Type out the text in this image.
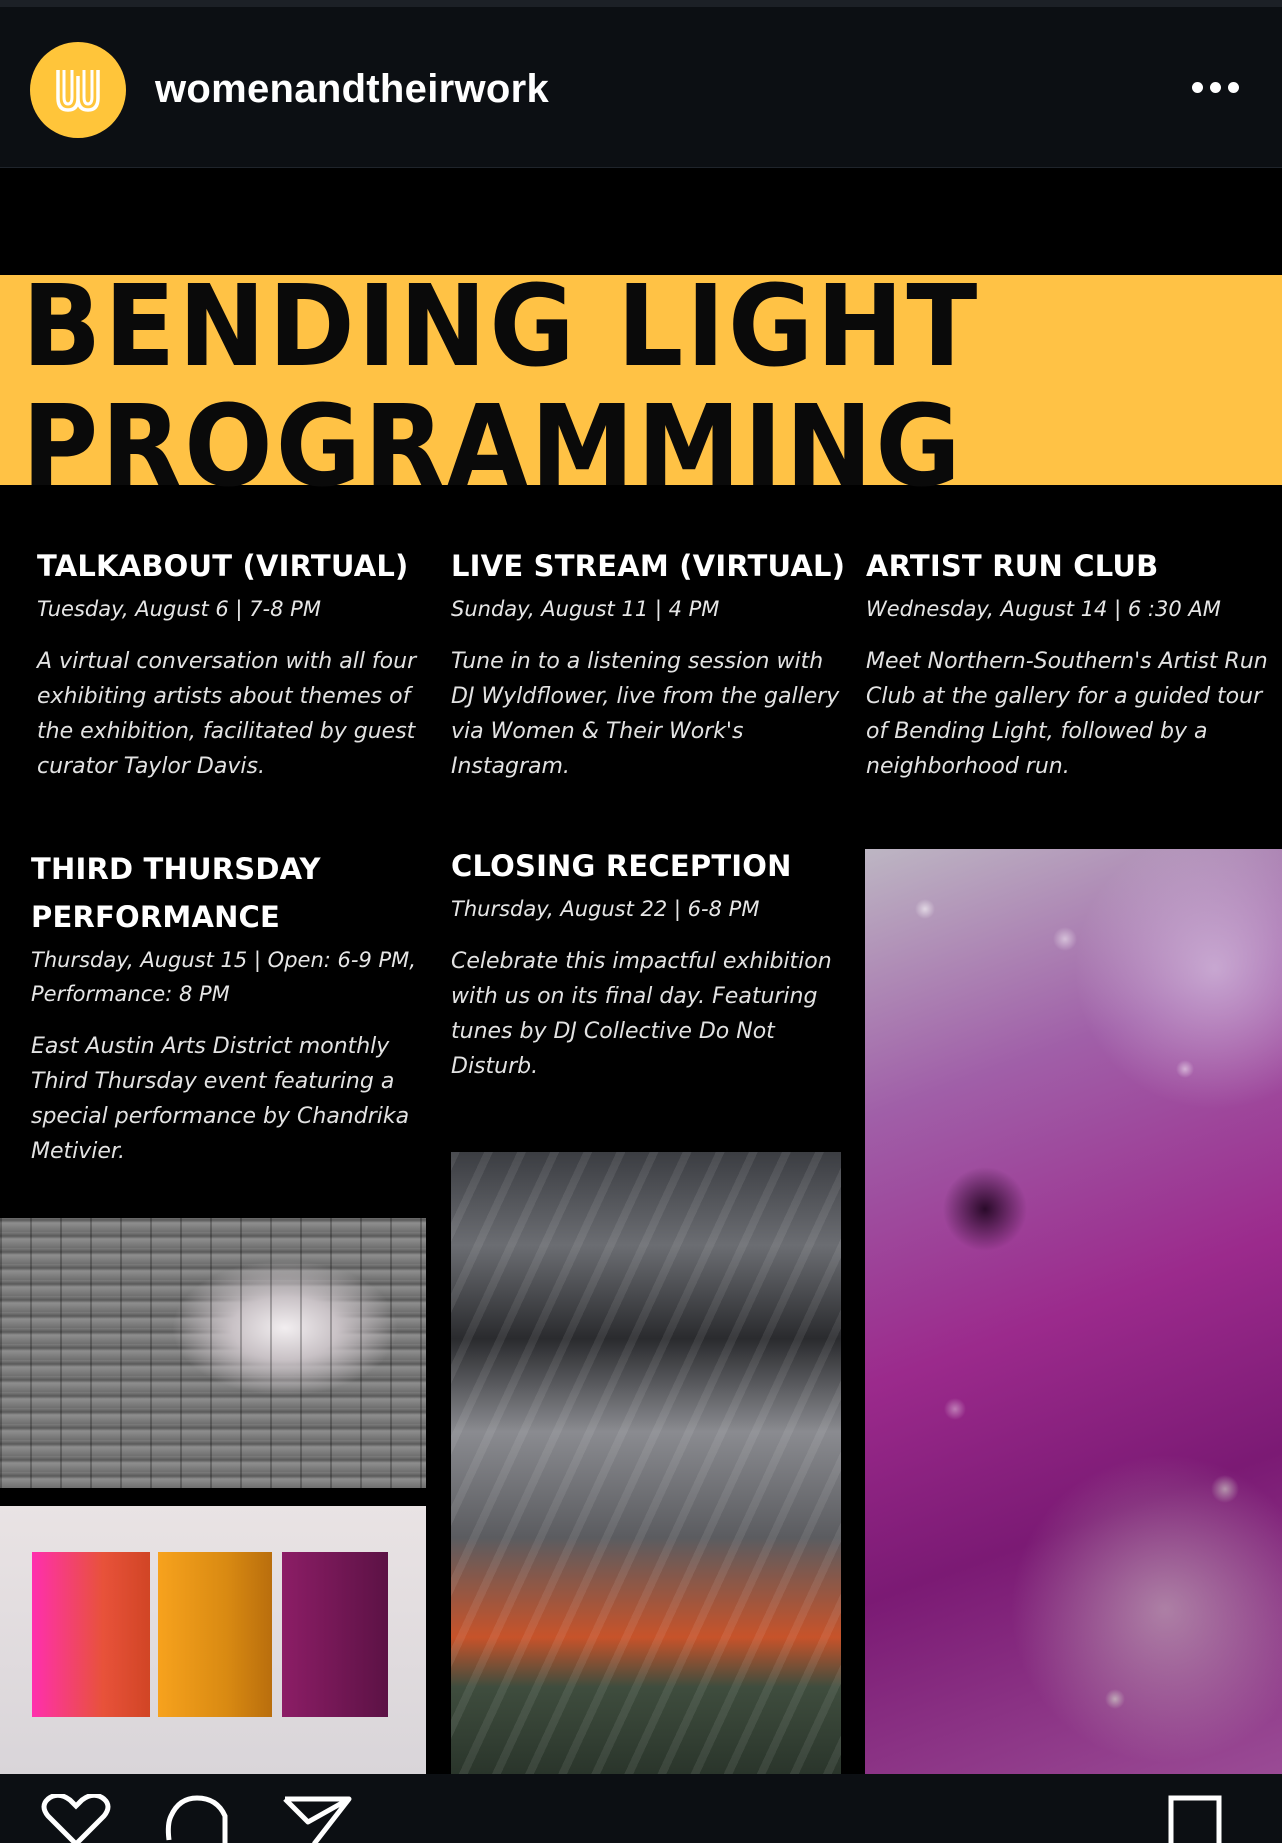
womenandtheirwork
BENDING LIGHT
PROGRAMMING
TALKABOUT (VIRTUAL)
Tuesday, August 6 | 7-8 PM
A virtual conversation with all four exhibiting artists about themes of the exhibition, facilitated by guest curator Taylor Davis.
LIVE STREAM (VIRTUAL)
Sunday, August 11 | 4 PM
Tune in to a listening session with DJ Wyldflower, live from the gallery via Women & Their Work's Instagram.
ARTIST RUN CLUB
Wednesday, August 14 | 6 :30 AM
Meet Northern-Southern's Artist Run Club at the gallery for a guided tour of Bending Light, followed by a neighborhood run.
THIRD THURSDAY PERFORMANCE
Thursday, August 15 | Open: 6-9 PM, Performance: 8 PM
East Austin Arts District monthly Third Thursday event featuring a special performance by Chandrika Metivier.
CLOSING RECEPTION
Thursday, August 22 | 6-8 PM
Celebrate this impactful exhibition with us on its final day. Featuring tunes by DJ Collective Do Not Disturb.
